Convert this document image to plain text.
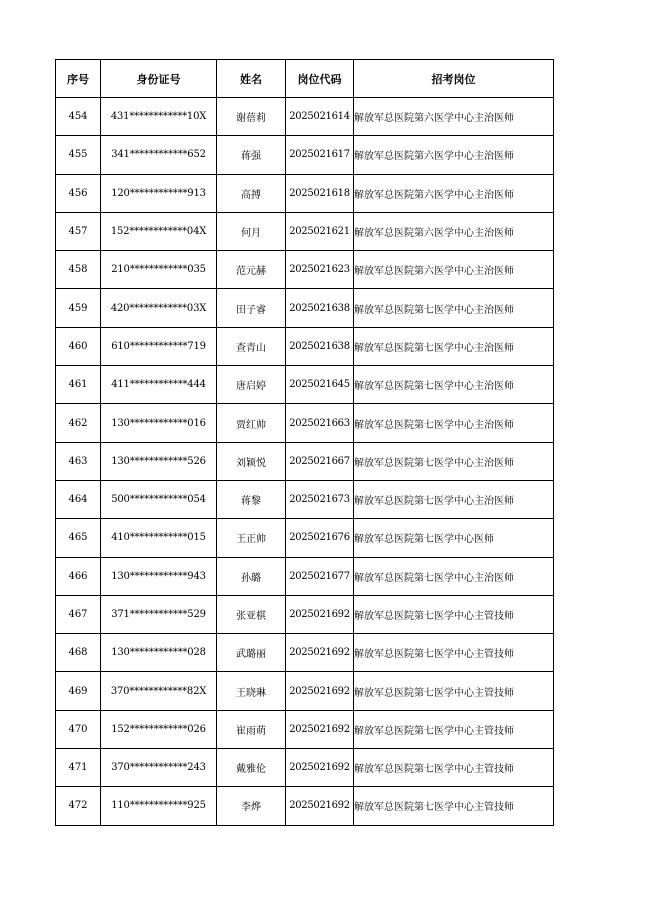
序号	身份证号	姓名	岗位代码	招考岗位
454	431************10X	谢蓓莉	2025021614	解放军总医院第六医学中心主治医师
455	341************652	蒋强	2025021617	解放军总医院第六医学中心主治医师
456	120************913	高搏	2025021618	解放军总医院第六医学中心主治医师
457	152************04X	何月	2025021621	解放军总医院第六医学中心主治医师
458	210************035	范元赫	2025021623	解放军总医院第六医学中心主治医师
459	420************03X	田子睿	2025021638	解放军总医院第七医学中心主治医师
460	610************719	查青山	2025021638	解放军总医院第七医学中心主治医师
461	411************444	唐启婷	2025021645	解放军总医院第七医学中心主治医师
462	130************016	贾红帅	2025021663	解放军总医院第七医学中心主治医师
463	130************526	刘颖悦	2025021667	解放军总医院第七医学中心主治医师
464	500************054	蒋黎	2025021673	解放军总医院第七医学中心主治医师
465	410************015	王正帅	2025021676	解放军总医院第七医学中心医师
466	130************943	孙璐	2025021677	解放军总医院第七医学中心主治医师
467	371************529	张亚棋	2025021692	解放军总医院第七医学中心主管技师
468	130************028	武璐丽	2025021692	解放军总医院第七医学中心主管技师
469	370************82X	王晓琳	2025021692	解放军总医院第七医学中心主管技师
470	152************026	崔雨萌	2025021692	解放军总医院第七医学中心主管技师
471	370************243	戴雅伦	2025021692	解放军总医院第七医学中心主管技师
472	110************925	李烨	2025021692	解放军总医院第七医学中心主管技师
